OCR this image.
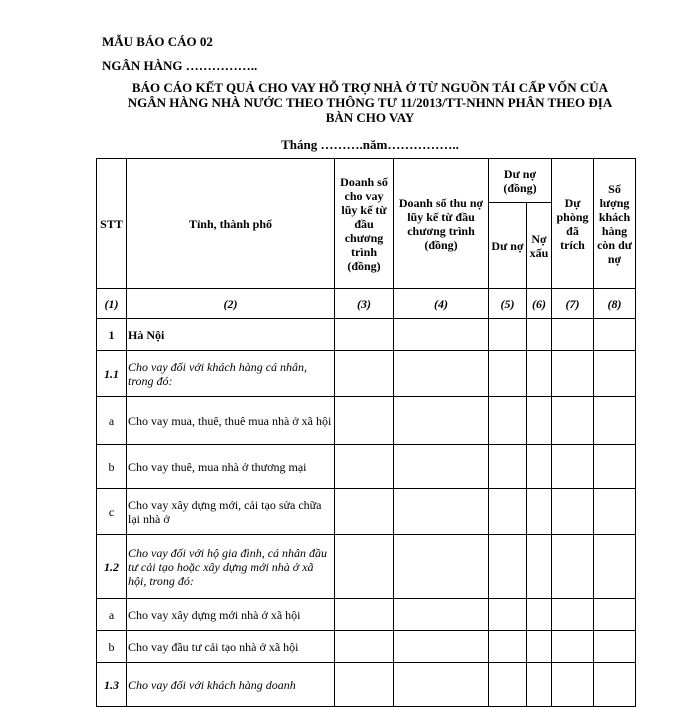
MẪU BÁO CÁO 02
NGÂN HÀNG ……………..
BÁO CÁO KẾT QUẢ CHO VAY HỖ TRỢ NHÀ Ở TỪ NGUỒN TÁI CẤP VỐN CỦA
NGÂN HÀNG NHÀ NƯỚC THEO THÔNG TƯ 11/2013/TT-NHNN PHÂN THEO ĐỊA
BÀN CHO VAY
Tháng ……….năm……………..
STT	Tỉnh, thành phố	Doanh số cho vay lũy kế từ đầu chương trình (đồng)	Doanh số thu nợ lũy kế từ đầu chương trình (đồng)	Dư nợ (đồng)		Dự phòng đã trích	Số lượng khách hàng còn dư nợ
				Dư nợ	Nợ xấu		
(1)	(2)	(3)	(4)	(5)	(6)	(7)	(8)
1	Hà Nội						
1.1	Cho vay đối với khách hàng cá nhân, trong đó:						
a	Cho vay mua, thuê, thuê mua nhà ở xã hội						
b	Cho vay thuê, mua nhà ở thương mại						
c	Cho vay xây dựng mới, cải tạo sửa chữa lại nhà ở						
1.2	Cho vay đối với hộ gia đình, cá nhân đầu tư cải tạo hoặc xây dựng mới nhà ở xã hội, trong đó:						
a	Cho vay xây dựng mới nhà ở xã hội						
b	Cho vay đầu tư cải tạo nhà ở xã hội						
1.3	Cho vay đối với khách hàng doanh						
